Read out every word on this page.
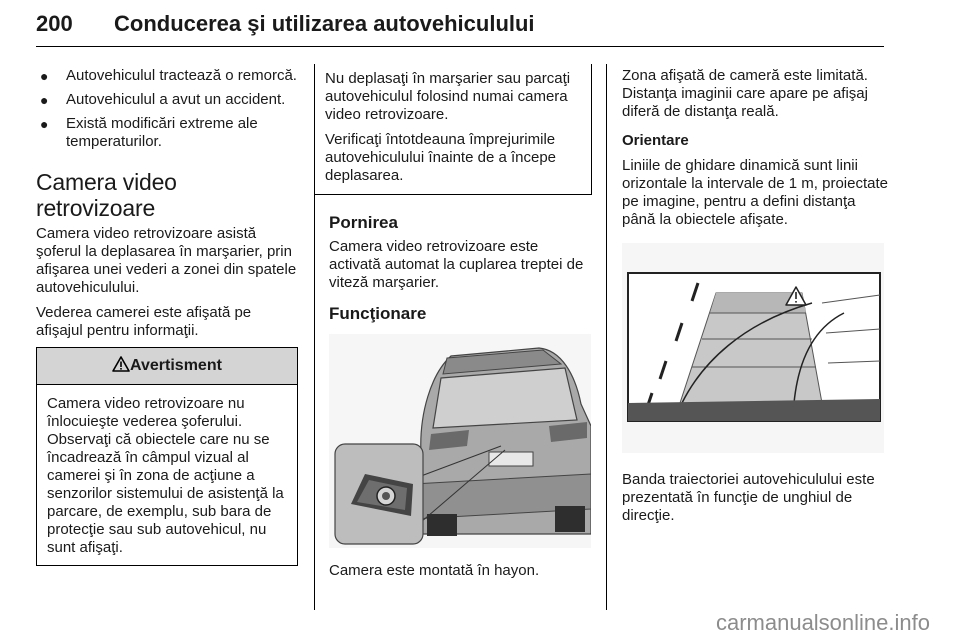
200 Conducerea şi utilizarea autovehiculului
● Autovehiculul tractează o remorcă.
● Autovehiculul a avut un accident.
● Există modificări extreme ale temperaturilor.
Camera video retrovizoare

Camera video retrovizoare asistă şoferul la deplasarea în marşarier, prin afişarea unei vederi a zonei din spatele autovehiculului.

Vederea camerei este afişată pe afişajul pentru informaţii.

Avertisment
Camera video retrovizoare nu înlocuieşte vederea şoferului. Observaţi că obiectele care nu se încadrează în câmpul vizual al camerei şi în zona de acţiune a senzorilor sistemului de asistenţă la parcare, de exemplu, sub bara de protecţie sau sub autovehicul, nu sunt afişaţi.

Nu deplasaţi în marşarier sau parcaţi autovehiculul folosind numai camera video retrovizoare.

Verificaţi întotdeauna împrejurimile autovehiculului înainte de a începe deplasarea.

Pornirea

Camera video retrovizoare este activată automat la cuplarea treptei de viteză marşarier.

Funcţionare

Camera este montată în hayon.

Zona afişată de cameră este limitată. Distanţa imaginii care apare pe afişaj diferă de distanţa reală.

Orientare

Liniile de ghidare dinamică sunt linii orizontale la intervale de 1 m, proiectate pe imagine, pentru a defini distanţa până la obiectele afişate.

Banda traiectoriei autovehiculului este prezentată în funcţie de unghiul de direcţie.

carmanualsonline.info
